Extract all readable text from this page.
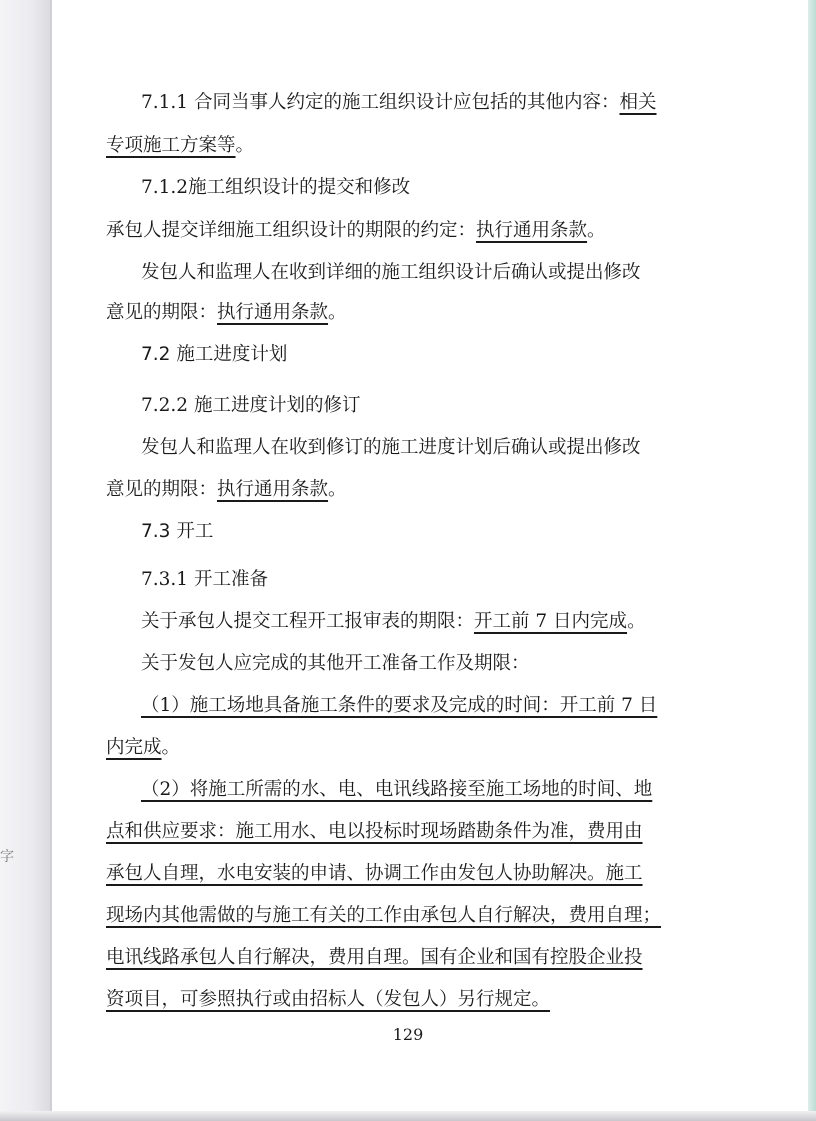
字
7.1.1 合同当事人约定的施工组织设计应包括的其他内容：相关
专项施工方案等。
7.1.2施工组织设计的提交和修改
承包人提交详细施工组织设计的期限的约定：执行通用条款。
发包人和监理人在收到详细的施工组织设计后确认或提出修改
意见的期限：执行通用条款。
7.2 施工进度计划
7.2.2 施工进度计划的修订
发包人和监理人在收到修订的施工进度计划后确认或提出修改
意见的期限：执行通用条款。
7.3 开工
7.3.1 开工准备
关于承包人提交工程开工报审表的期限：开工前 7 日内完成。
关于发包人应完成的其他开工准备工作及期限：
（1）施工场地具备施工条件的要求及完成的时间：开工前 7 日
内完成。
（2）将施工所需的水、电、电讯线路接至施工场地的时间、地
点和供应要求：施工用水、电以投标时现场踏勘条件为准，费用由
承包人自理，水电安装的申请、协调工作由发包人协助解决。施工
现场内其他需做的与施工有关的工作由承包人自行解决，费用自理；
电讯线路承包人自行解决，费用自理。国有企业和国有控股企业投
资项目，可参照执行或由招标人（发包人）另行规定。
129
